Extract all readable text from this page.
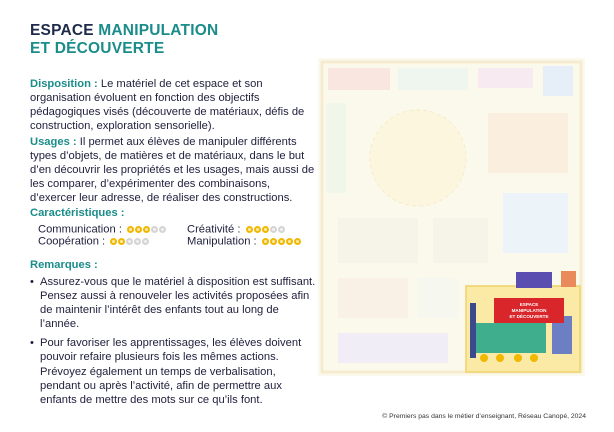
ESPACE MANIPULATION
ET DÉCOUVERTE
Disposition : Le matériel de cet espace et son organisation évoluent en fonction des objectifs pédagogiques visés (découverte de matériaux, défis de construction, exploration sensorielle).
Usages : Il permet aux élèves de manipuler différents types d’objets, de matières et de matériaux, dans le but d’en découvrir les propriétés et les usages, mais aussi de les comparer, d’expérimenter des combinaisons, d’exercer leur adresse, de réaliser des constructions.
Caractéristiques :
Communication :	Créativité :
Coopération :	Manipulation :
Remarques :
• Assurez-vous que le matériel à disposition est suffisant. Pensez aussi à renouveler les activités proposées afin de maintenir l’intérêt des enfants tout au long de l’année.
• Pour favoriser les apprentissages, les élèves doivent pouvoir refaire plusieurs fois les mêmes actions. Prévoyez également un temps de verbalisation, pendant ou après l’activité, afin de permettre aux enfants de mettre des mots sur ce qu’ils font.
ESPACE
MANIPULATION
ET DÉCOUVERTE
© Premiers pas dans le métier d’enseignant, Réseau Canopé, 2024
